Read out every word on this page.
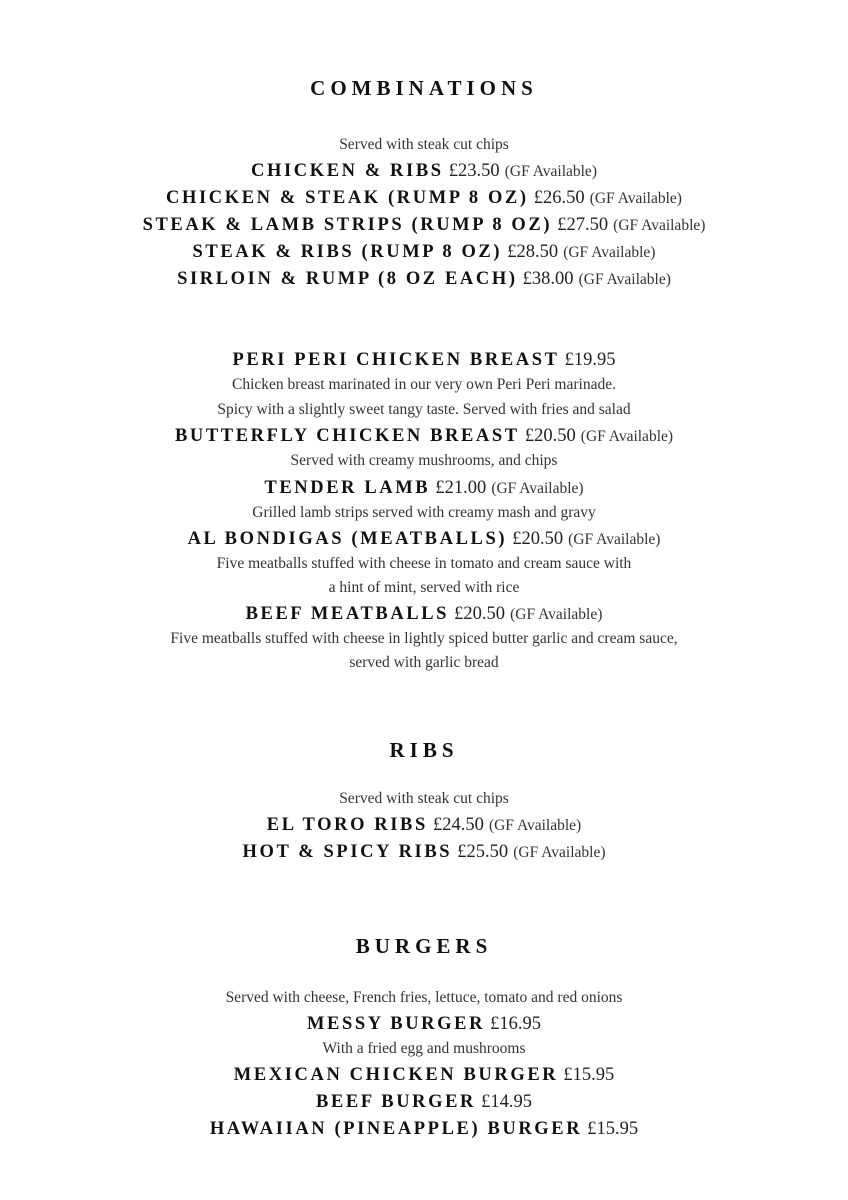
COMBINATIONS
Served with steak cut chips
CHICKEN & RIBS £23.50 (GF Available)
CHICKEN & STEAK (RUMP 8 OZ) £26.50 (GF Available)
STEAK & LAMB STRIPS (RUMP 8 OZ) £27.50 (GF Available)
STEAK & RIBS (RUMP 8 OZ) £28.50 (GF Available)
SIRLOIN & RUMP (8 OZ EACH) £38.00 (GF Available)
PERI PERI CHICKEN BREAST £19.95
Chicken breast marinated in our very own Peri Peri marinade.
Spicy with a slightly sweet tangy taste. Served with fries and salad
BUTTERFLY CHICKEN BREAST £20.50 (GF Available)
Served with creamy mushrooms, and chips
TENDER LAMB £21.00 (GF Available)
Grilled lamb strips served with creamy mash and gravy
AL BONDIGAS (MEATBALLS) £20.50 (GF Available)
Five meatballs stuffed with cheese in tomato and cream sauce with
a hint of mint, served with rice
BEEF MEATBALLS £20.50 (GF Available)
Five meatballs stuffed with cheese in lightly spiced butter garlic and cream sauce,
served with garlic bread
RIBS
Served with steak cut chips
EL TORO RIBS £24.50 (GF Available)
HOT & SPICY RIBS £25.50 (GF Available)
BURGERS
Served with cheese, French fries, lettuce, tomato and red onions
MESSY BURGER £16.95
With a fried egg and mushrooms
MEXICAN CHICKEN BURGER £15.95
BEEF BURGER £14.95
HAWAIIAN (PINEAPPLE) BURGER £15.95
